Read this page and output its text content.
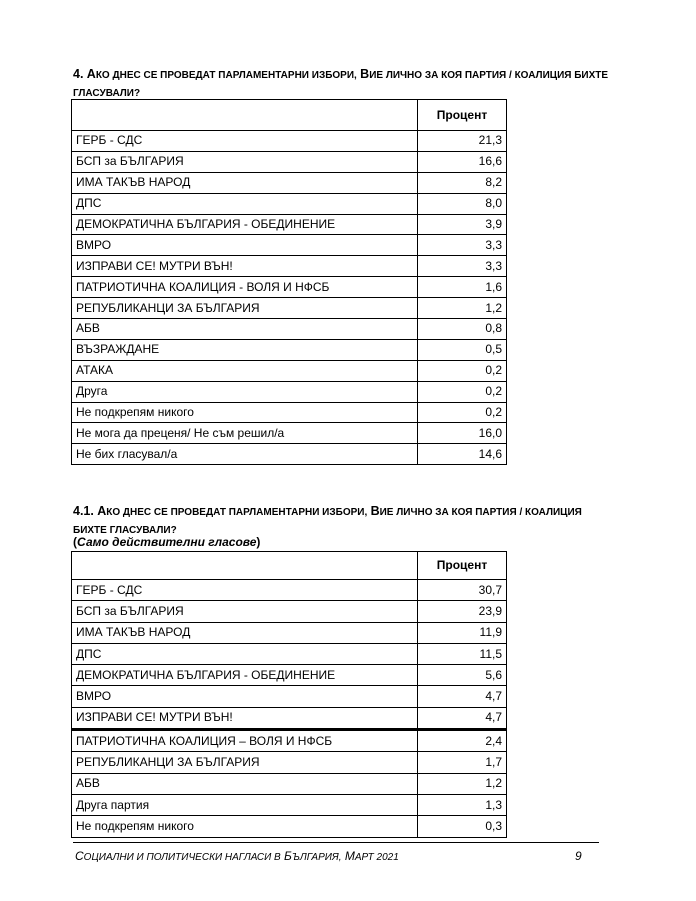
4. АКО ДНЕС СЕ ПРОВЕДАТ ПАРЛАМЕНТАРНИ ИЗБОРИ, ВИЕ ЛИЧНО ЗА КОЯ ПАРТИЯ / КОАЛИЦИЯ БИХТЕ ГЛАСУВАЛИ?
	Процент
ГЕРБ - СДС	21,3
БСП за БЪЛГАРИЯ	16,6
ИМА ТАКЪВ НАРОД	8,2
ДПС	8,0
ДЕМОКРАТИЧНА БЪЛГАРИЯ - ОБЕДИНЕНИЕ	3,9
ВМРО	3,3
ИЗПРАВИ СЕ! МУТРИ ВЪН!	3,3
ПАТРИОТИЧНА КОАЛИЦИЯ - ВОЛЯ И НФСБ	1,6
РЕПУБЛИКАНЦИ ЗА БЪЛГАРИЯ	1,2
АБВ	0,8
ВЪЗРАЖДАНЕ	0,5
АТАКА	0,2
Друга	0,2
Не подкрепям никого	0,2
Не мога да преценя/ Не съм решил/а	16,0
Не бих гласувал/а	14,6
4.1. АКО ДНЕС СЕ ПРОВЕДАТ ПАРЛАМЕНТАРНИ ИЗБОРИ, ВИЕ ЛИЧНО ЗА КОЯ ПАРТИЯ / КОАЛИЦИЯ БИХТЕ ГЛАСУВАЛИ?
(Само действителни гласове)
	Процент
ГЕРБ - СДС	30,7
БСП за БЪЛГАРИЯ	23,9
ИМА ТАКЪВ НАРОД	11,9
ДПС	11,5
ДЕМОКРАТИЧНА БЪЛГАРИЯ - ОБЕДИНЕНИЕ	5,6
ВМРО	4,7
ИЗПРАВИ СЕ! МУТРИ ВЪН!	4,7
ПАТРИОТИЧНА КОАЛИЦИЯ – ВОЛЯ И НФСБ	2,4
РЕПУБЛИКАНЦИ ЗА БЪЛГАРИЯ	1,7
АБВ	1,2
Друга партия	1,3
Не подкрепям никого	0,3
СОЦИАЛНИ И ПОЛИТИЧЕСКИ НАГЛАСИ В БЪЛГАРИЯ, МАРТ 2021	9
